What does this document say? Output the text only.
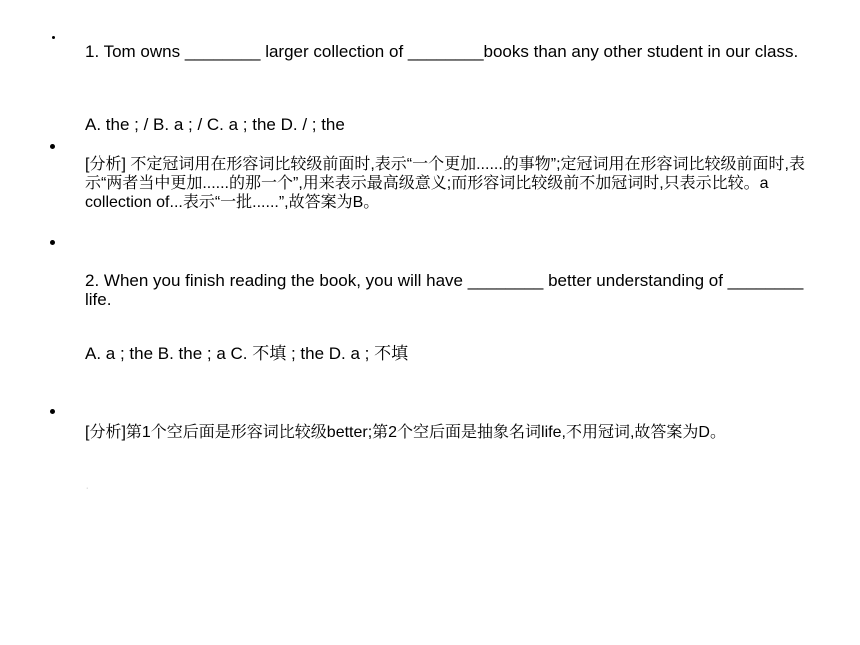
1. Tom owns ________ larger collection of ________books than any other student in our class.
A. the ; / B. a ; / C. a ; the D. / ; the
[分析] 不定冠词用在形容词比较级前面时,表示“一个更加......的事物”;定冠词用在形容词比较级前面时,表示“两者当中更加......的那一个”,用来表示最高级意义;而形容词比较级前不加冠词时,只表示比较。a collection of...表示“一批......”,故答案为B。
2. When you finish reading the book, you will have ________ better understanding of ________ life.
A. a ; the B. the ; a C. 不填 ; the D. a ; 不填
[分析]第1个空后面是形容词比较级better;第2个空后面是抽象名词life,不用冠词,故答案为D。
·
